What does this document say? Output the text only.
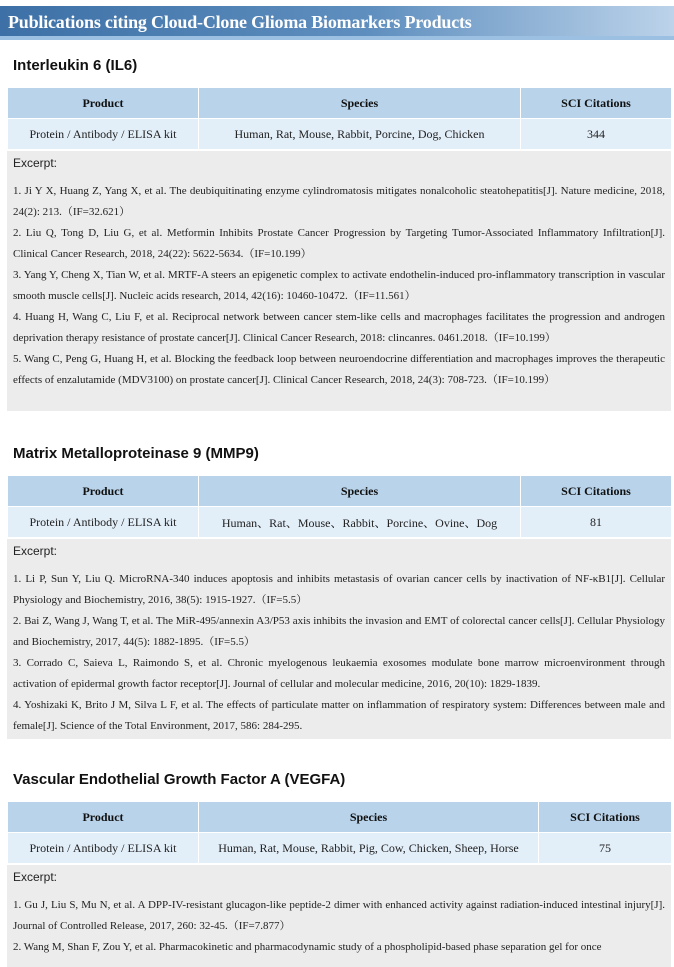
Publications citing Cloud-Clone Glioma Biomarkers Products
Interleukin 6 (IL6)
Product	Species	SCI Citations
Protein / Antibody / ELISA kit	Human, Rat, Mouse, Rabbit, Porcine, Dog, Chicken	344
Excerpt:
1. Ji Y X, Huang Z, Yang X, et al. The deubiquitinating enzyme cylindromatosis mitigates nonalcoholic steatohepatitis[J]. Nature medicine, 2018, 24(2): 213.（IF=32.621）
2. Liu Q, Tong D, Liu G, et al. Metformin Inhibits Prostate Cancer Progression by Targeting Tumor-Associated Inflammatory Infiltration[J]. Clinical Cancer Research, 2018, 24(22): 5622-5634.（IF=10.199）
3. Yang Y, Cheng X, Tian W, et al. MRTF-A steers an epigenetic complex to activate endothelin-induced pro-inflammatory transcription in vascular smooth muscle cells[J]. Nucleic acids research, 2014, 42(16): 10460-10472.（IF=11.561）
4. Huang H, Wang C, Liu F, et al. Reciprocal network between cancer stem-like cells and macrophages facilitates the progression and androgen deprivation therapy resistance of prostate cancer[J]. Clinical Cancer Research, 2018: clincanres. 0461.2018.（IF=10.199）
5. Wang C, Peng G, Huang H, et al. Blocking the feedback loop between neuroendocrine differentiation and macrophages improves the therapeutic effects of enzalutamide (MDV3100) on prostate cancer[J]. Clinical Cancer Research, 2018, 24(3): 708-723.（IF=10.199）
Matrix Metalloproteinase 9 (MMP9)
Product	Species	SCI Citations
Protein / Antibody / ELISA kit	Human、Rat、Mouse、Rabbit、Porcine、Ovine、Dog	81
Excerpt:
1. Li P, Sun Y, Liu Q. MicroRNA-340 induces apoptosis and inhibits metastasis of ovarian cancer cells by inactivation of NF-κB1[J]. Cellular Physiology and Biochemistry, 2016, 38(5): 1915-1927.（IF=5.5）
2. Bai Z, Wang J, Wang T, et al. The MiR-495/annexin A3/P53 axis inhibits the invasion and EMT of colorectal cancer cells[J]. Cellular Physiology and Biochemistry, 2017, 44(5): 1882-1895.（IF=5.5）
3. Corrado C, Saieva L, Raimondo S, et al. Chronic myelogenous leukaemia exosomes modulate bone marrow microenvironment through activation of epidermal growth factor receptor[J]. Journal of cellular and molecular medicine, 2016, 20(10): 1829-1839.
4. Yoshizaki K, Brito J M, Silva L F, et al. The effects of particulate matter on inflammation of respiratory system: Differences between male and female[J]. Science of the Total Environment, 2017, 586: 284-295.
Vascular Endothelial Growth Factor A (VEGFA)
Product	Species	SCI Citations
Protein / Antibody / ELISA kit	Human, Rat, Mouse, Rabbit, Pig, Cow, Chicken, Sheep, Horse	75
Excerpt:
1. Gu J, Liu S, Mu N, et al. A DPP-IV-resistant glucagon-like peptide-2 dimer with enhanced activity against radiation-induced intestinal injury[J]. Journal of Controlled Release, 2017, 260: 32-45.（IF=7.877）
2. Wang M, Shan F, Zou Y, et al. Pharmacokinetic and pharmacodynamic study of a phospholipid-based phase separation gel for once
